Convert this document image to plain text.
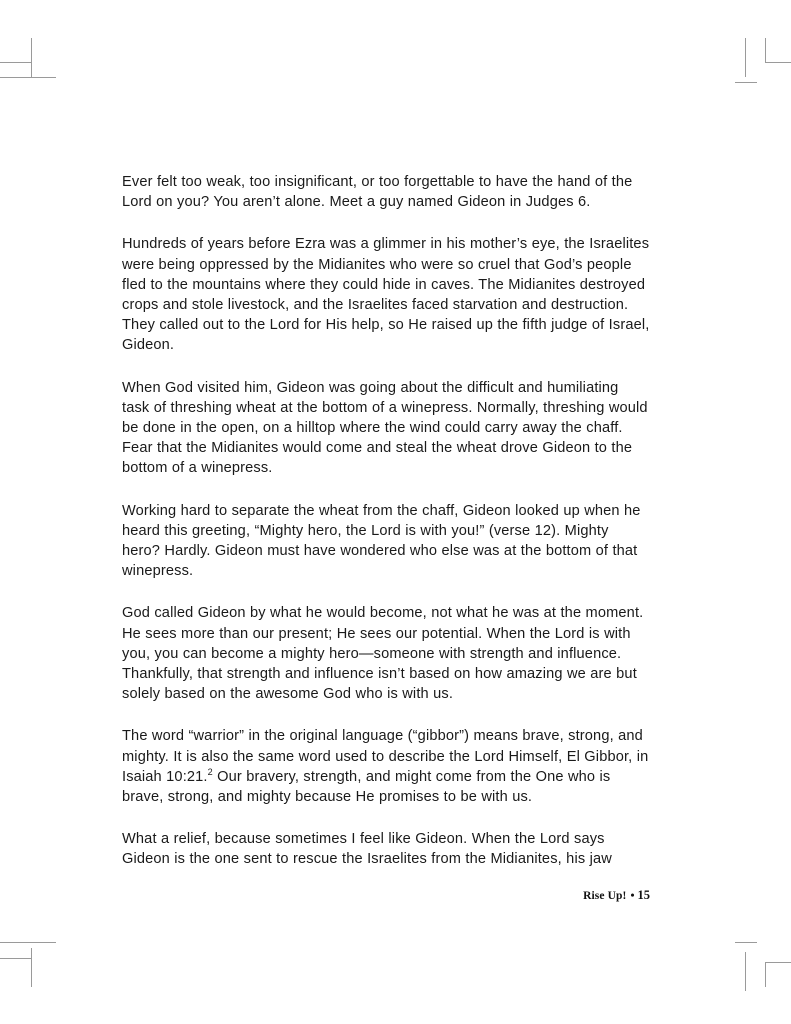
Ever felt too weak, too insignificant, or too forgettable to have the hand of the Lord on you? You aren’t alone. Meet a guy named Gideon in Judges 6.

Hundreds of years before Ezra was a glimmer in his mother’s eye, the Israelites were being oppressed by the Midianites who were so cruel that God’s people fled to the mountains where they could hide in caves. The Midianites destroyed crops and stole livestock, and the Israelites faced starvation and destruction. They called out to the Lord for His help, so He raised up the fifth judge of Israel, Gideon.

When God visited him, Gideon was going about the difficult and humiliating task of threshing wheat at the bottom of a winepress. Normally, threshing would be done in the open, on a hilltop where the wind could carry away the chaff. Fear that the Midianites would come and steal the wheat drove Gideon to the bottom of a winepress.

Working hard to separate the wheat from the chaff, Gideon looked up when he heard this greeting, “Mighty hero, the Lord is with you!” (verse 12). Mighty hero? Hardly. Gideon must have wondered who else was at the bottom of that winepress.

God called Gideon by what he would become, not what he was at the moment. He sees more than our present; He sees our potential. When the Lord is with you, you can become a mighty hero—someone with strength and influence. Thankfully, that strength and influence isn’t based on how amazing we are but solely based on the awesome God who is with us.

The word “warrior” in the original language (“gibbor”) means brave, strong, and mighty. It is also the same word used to describe the Lord Himself, El Gibbor, in Isaiah 10:21.$^2$ Our bravery, strength, and might come from the One who is brave, strong, and mighty because He promises to be with us.

What a relief, because sometimes I feel like Gideon. When the Lord says Gideon is the one sent to rescue the Israelites from the Midianites, his jaw

Rise Up! • 15
